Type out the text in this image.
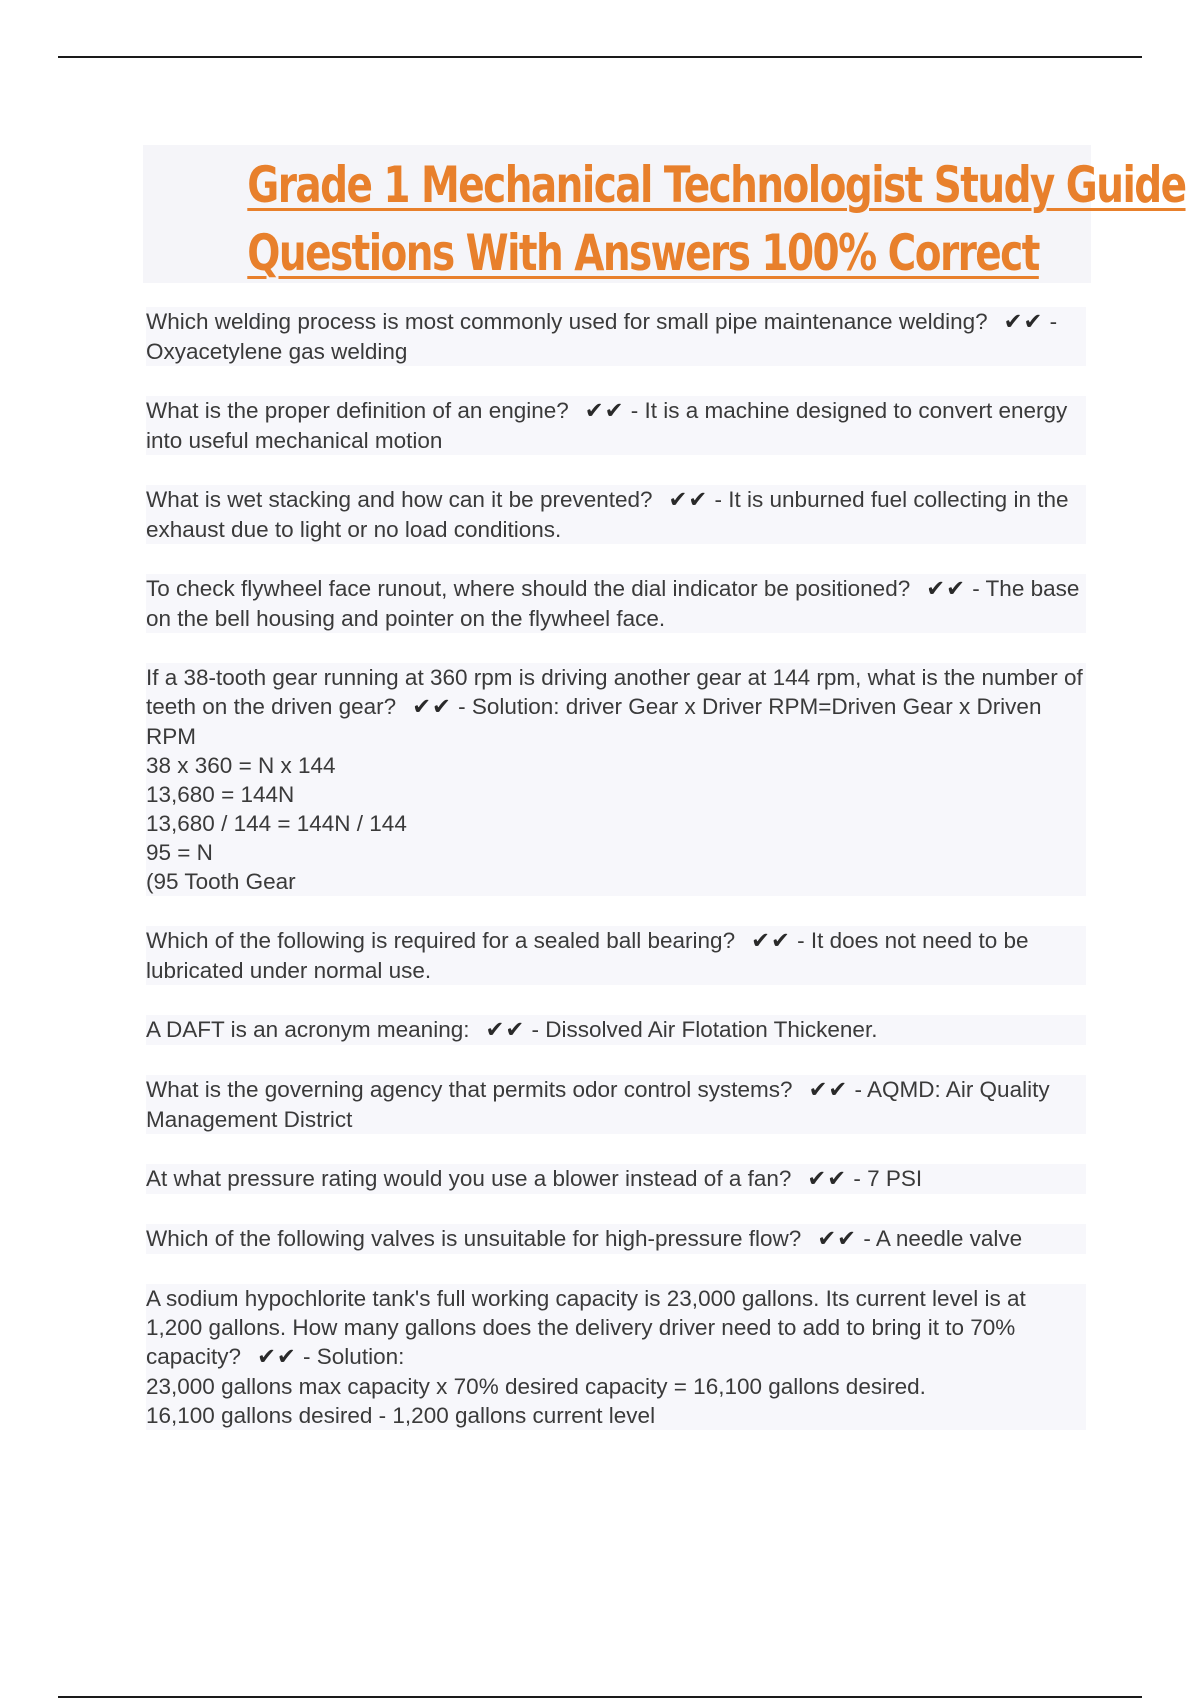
Grade 1 Mechanical Technologist Study Guide
Questions With Answers 100% Correct
Which welding process is most commonly used for small pipe maintenance welding? ✔✔ - Oxyacetylene gas welding
What is the proper definition of an engine? ✔✔ - It is a machine designed to convert energy into useful mechanical motion
What is wet stacking and how can it be prevented? ✔✔ - It is unburned fuel collecting in the exhaust due to light or no load conditions.
To check flywheel face runout, where should the dial indicator be positioned? ✔✔ - The base on the bell housing and pointer on the flywheel face.
If a 38-tooth gear running at 360 rpm is driving another gear at 144 rpm, what is the number of teeth on the driven gear? ✔✔ - Solution: driver Gear x Driver RPM=Driven Gear x Driven RPM
38 x 360 = N x 144
13,680 = 144N
13,680 / 144 = 144N / 144
95 = N
(95 Tooth Gear
Which of the following is required for a sealed ball bearing? ✔✔ - It does not need to be lubricated under normal use.
A DAFT is an acronym meaning: ✔✔ - Dissolved Air Flotation Thickener.
What is the governing agency that permits odor control systems? ✔✔ - AQMD: Air Quality Management District
At what pressure rating would you use a blower instead of a fan? ✔✔ - 7 PSI
Which of the following valves is unsuitable for high-pressure flow? ✔✔ - A needle valve
A sodium hypochlorite tank's full working capacity is 23,000 gallons. Its current level is at 1,200 gallons. How many gallons does the delivery driver need to add to bring it to 70% capacity? ✔✔ - Solution:
23,000 gallons max capacity x 70% desired capacity = 16,100 gallons desired.
16,100 gallons desired - 1,200 gallons current level
